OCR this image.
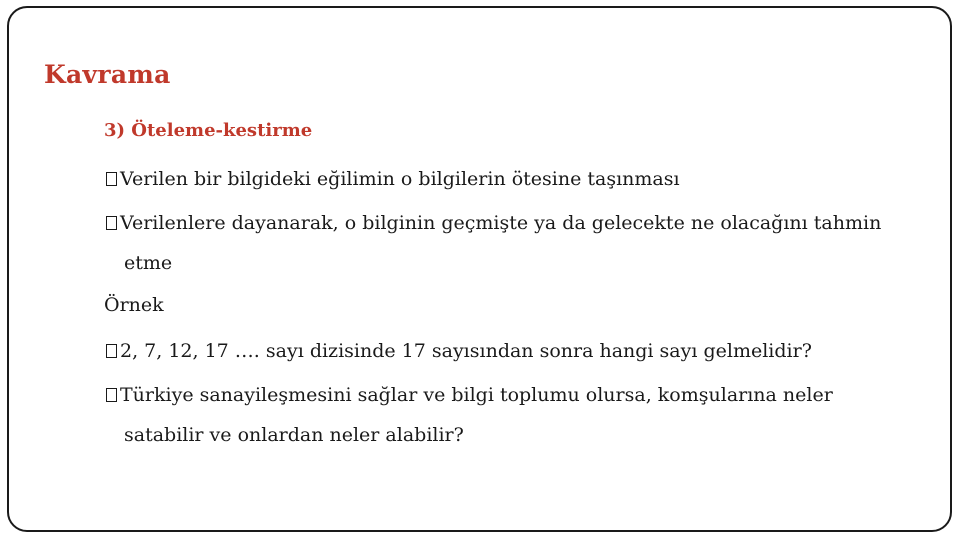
Kavrama
3) Öteleme-kestirme

Verilen bir bilgideki eğilimin o bilgilerin ötesine taşınması

Verilenlere dayanarak, o bilginin geçmişte ya da gelecekte ne olacağını tahmin

etme

Örnek

2, 7, 12, 17 …. sayı dizisinde 17 sayısından sonra hangi sayı gelmelidir?

Türkiye sanayileşmesini sağlar ve bilgi toplumu olursa, komşularına neler

satabilir ve onlardan neler alabilir?
